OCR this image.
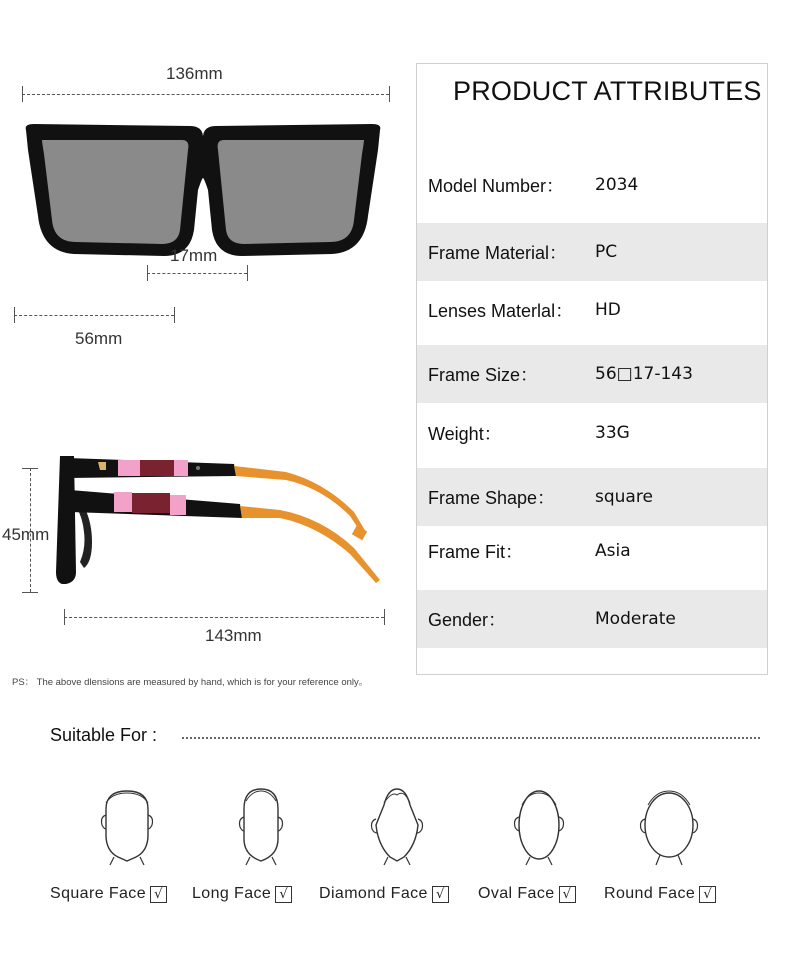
136mm
17mm
56mm
45mm
143mm
PS： The above dlensions are measured by hand, which is for your reference only。
PRODUCT ATTRIBUTES
Model Number： 2034
Frame Material： PC
Lenses Materlal： HD
Frame Size：	56□17-143
Weight：	33G
Frame Shape： square
Frame Fit：	Asia
Gender：	Moderate
Suitable For :
Square Face √ Long Face √ Diamond Face √ Oval Face √ Round Face √
